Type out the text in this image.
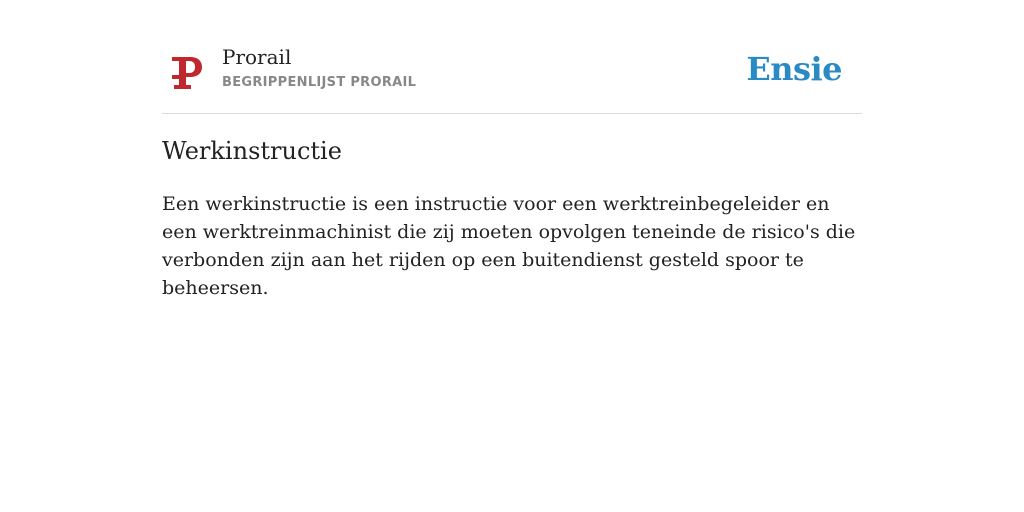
Prorail
BEGRIPPENLIJST PRORAIL	Ensie
Werkinstructie

Een werkinstructie is een instructie voor een werktreinbegeleider en een werktreinmachinist die zij moeten opvolgen teneinde de risico's die verbonden zijn aan het rijden op een buitendienst gesteld spoor te beheersen.
